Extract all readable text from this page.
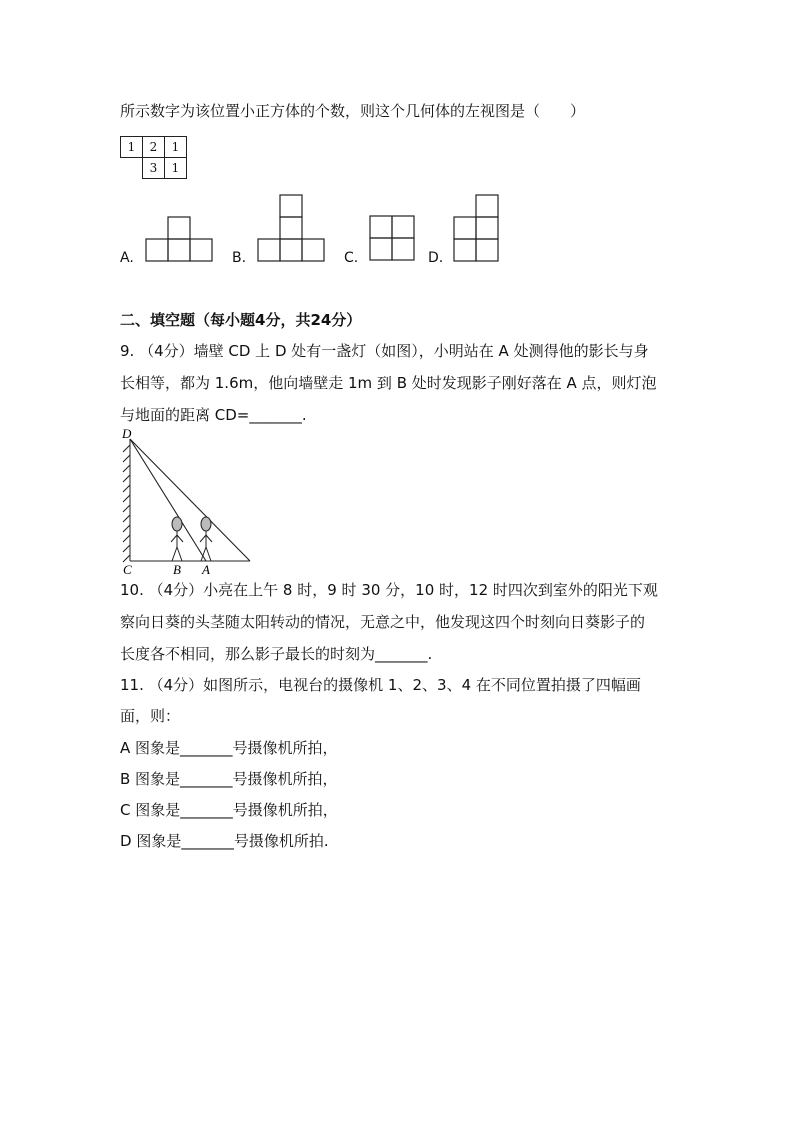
所示数字为该位置小正方体的个数，则这个几何体的左视图是（　　）
1	2	1
	3	1
A.	B.	C.	D.
二、填空题（每小题4分，共24分）
9. （4分）墙壁 CD 上 D 处有一盏灯（如图），小明站在 A 处测得他的影长与身
长相等，都为 1.6m，他向墙壁走 1m 到 B 处时发现影子刚好落在 A 点，则灯泡
与地面的距离 CD=_______.
D
C	B A
10. （4分）小亮在上午 8 时，9 时 30 分，10 时，12 时四次到室外的阳光下观
察向日葵的头茎随太阳转动的情况，无意之中，他发现这四个时刻向日葵影子的
长度各不相同，那么影子最长的时刻为_______.
11. （4分）如图所示，电视台的摄像机 1、2、3、4 在不同位置拍摄了四幅画
面，则：
A 图象是_______号摄像机所拍，
B 图象是_______号摄像机所拍，
C 图象是_______号摄像机所拍，
D 图象是_______号摄像机所拍.
